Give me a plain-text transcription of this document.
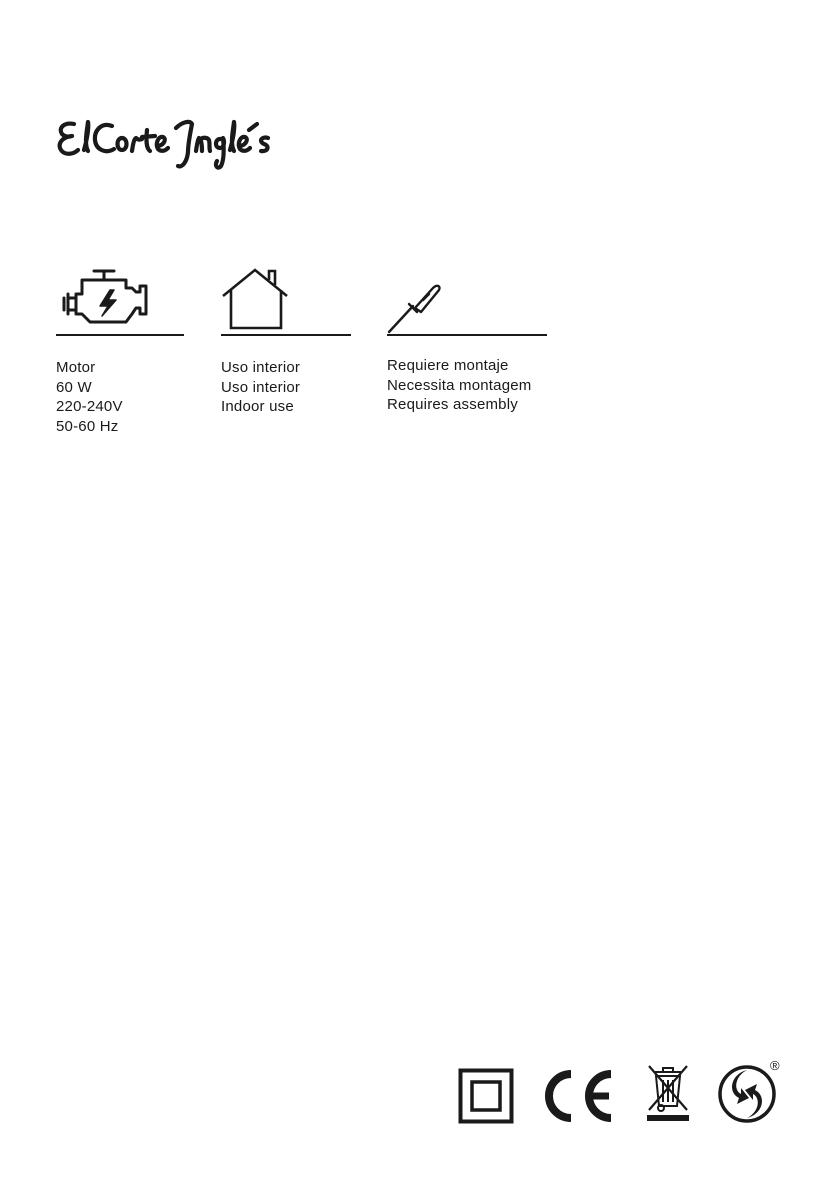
Motor
60 W
220-240V
50-60 Hz
Uso interior
Uso interior
Indoor use
Requiere montaje
Necessita montagem
Requires assembly
®
